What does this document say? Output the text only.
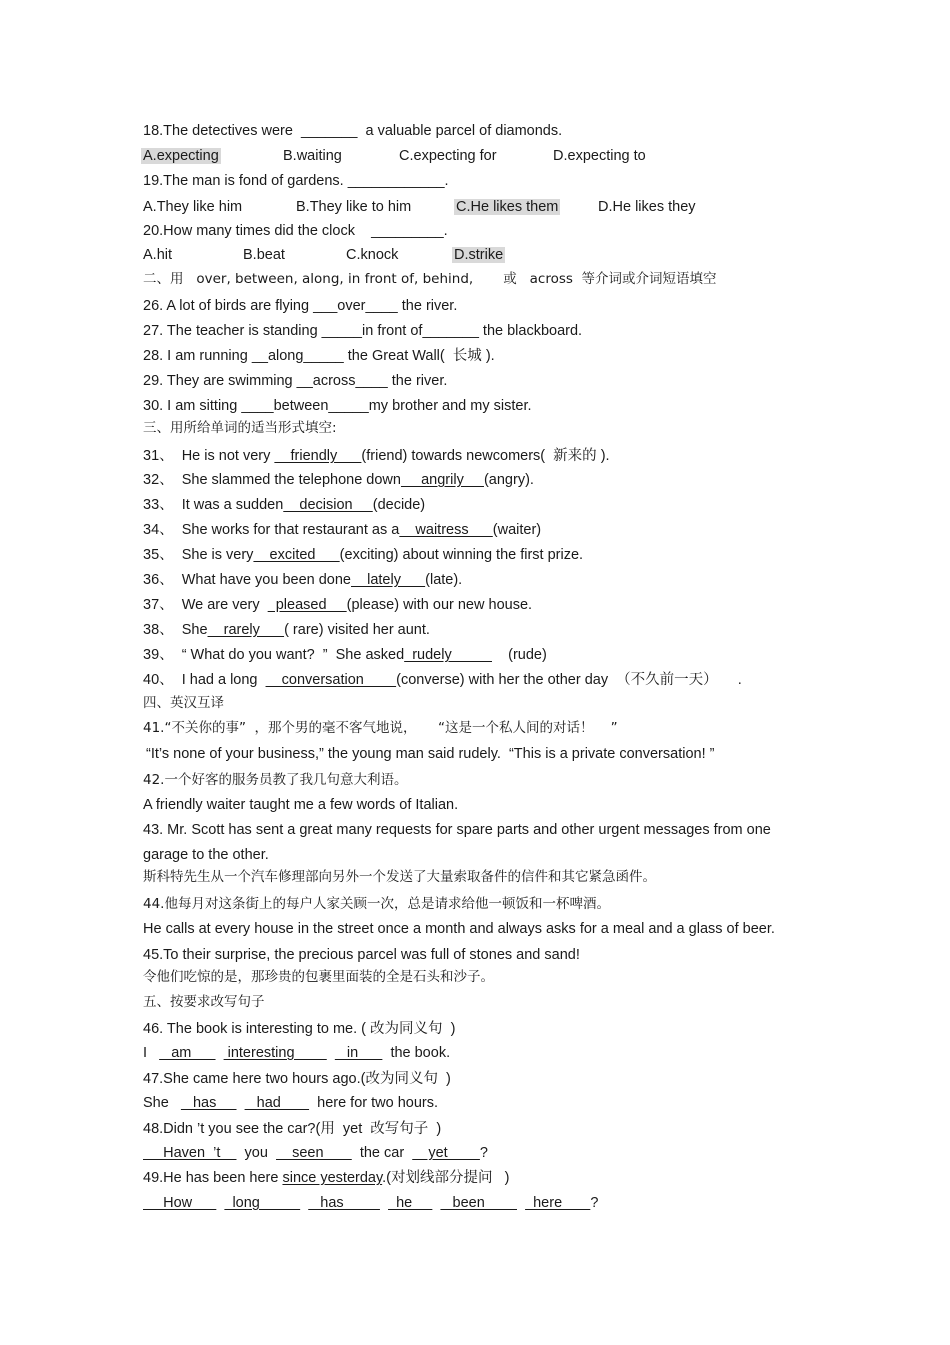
18.The detectives were  _______  a valuable parcel of diamonds.
A.expecting	B.waiting	C.expecting for	D.expecting to
19.The man is fond of gardens. ____________.
A.They like him	B.They like to him	C.He likes them	D.He likes they
20.How many times did the clock    _________.
A.hit	B.beat	C.knock	D.strike
二、用   over, between, along, in front of, behind,       或   across  等介词或介词短语填空
26. A lot of birds are flying ___over____ the river.
27. The teacher is standing _____in front of_______ the blackboard.
28. I am running __along_____ the Great Wall(  长城 ).
29. They are swimming __across____ the river.
30. I am sitting ____between_____my brother and my sister.
三、用所给单词的适当形式填空:
31、 He is not very     friendly      (friend) towards newcomers(  新来的 ).
32、 She slammed the telephone down     angrily     (angry).
33、 It was a sudden    decision     (decide)
34、 She works for that restaurant as a    waitress      (waiter)
35、 She is very    excited      (exciting) about winning the first prize.
36、 What have you been done    lately      (late).
37、 We are very    pleased     (please) with our new house.
38、 She    rarely      ( rare) visited her aunt.
39、 “ What do you want?  ”  She asked  rudely              (rude)
40、 I had a long      conversation        (converse) with her the other day  （不久前一天）     .
四、英汉互译
41.“不关你的事”  ，那个男的毫不客气地说，     “这是一个私人间的对话！    ”
“It’s none of your business,” the young man said rudely.  “This is a private conversation! ”
42.一个好客的服务员教了我几句意大利语。
A friendly waiter taught me a few words of Italian.
43. Mr. Scott has sent a great many requests for spare parts and other urgent messages from one
garage to the other.
斯科特先生从一个汽车修理部向另外一个发送了大量索取备件的信件和其它紧急函件。
44.他每月对这条街上的每户人家关顾一次，总是请求给他一顿饭和一杯啤酒。
He calls at every house in the street once a month and always asks for a meal and a glass of beer.
45.To their surprise, the precious parcel was full of stones and sand!
令他们吃惊的是，那珍贵的包裹里面装的全是石头和沙子。
五、按要求改写句子
46. The book is interesting to me. ( 改为同义句  )
I      am         interesting             in        the book.
47.She came here two hours ago.(改为同义句  )
She      has          had         here for two hours.
48.Didn ’t you see the car?(用  yet  改写句子  )
Haven  ’t      you      seen         the car      yet        ?
49.He has been here since yesterday.(对划线部分提问   )
How          long               has             he          been            here       ?
